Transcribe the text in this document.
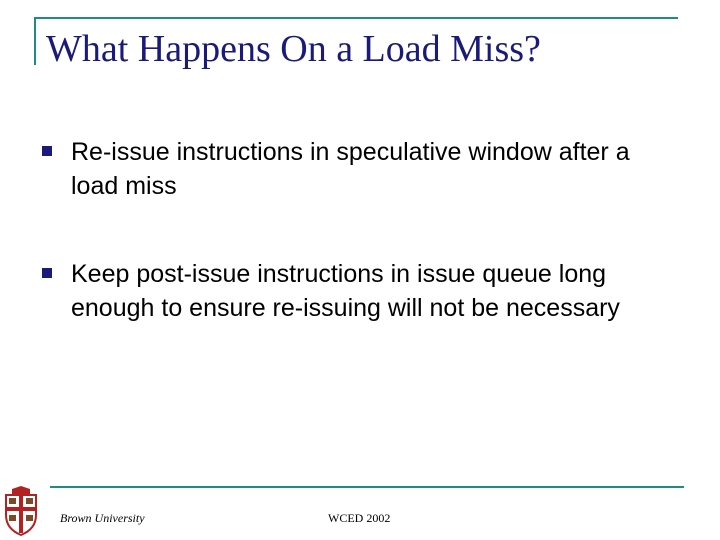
What Happens On a Load Miss?
Re-issue instructions in speculative window after a load miss
Keep post-issue instructions in issue queue long enough to ensure re-issuing will not be necessary
Brown University	WCED 2002
